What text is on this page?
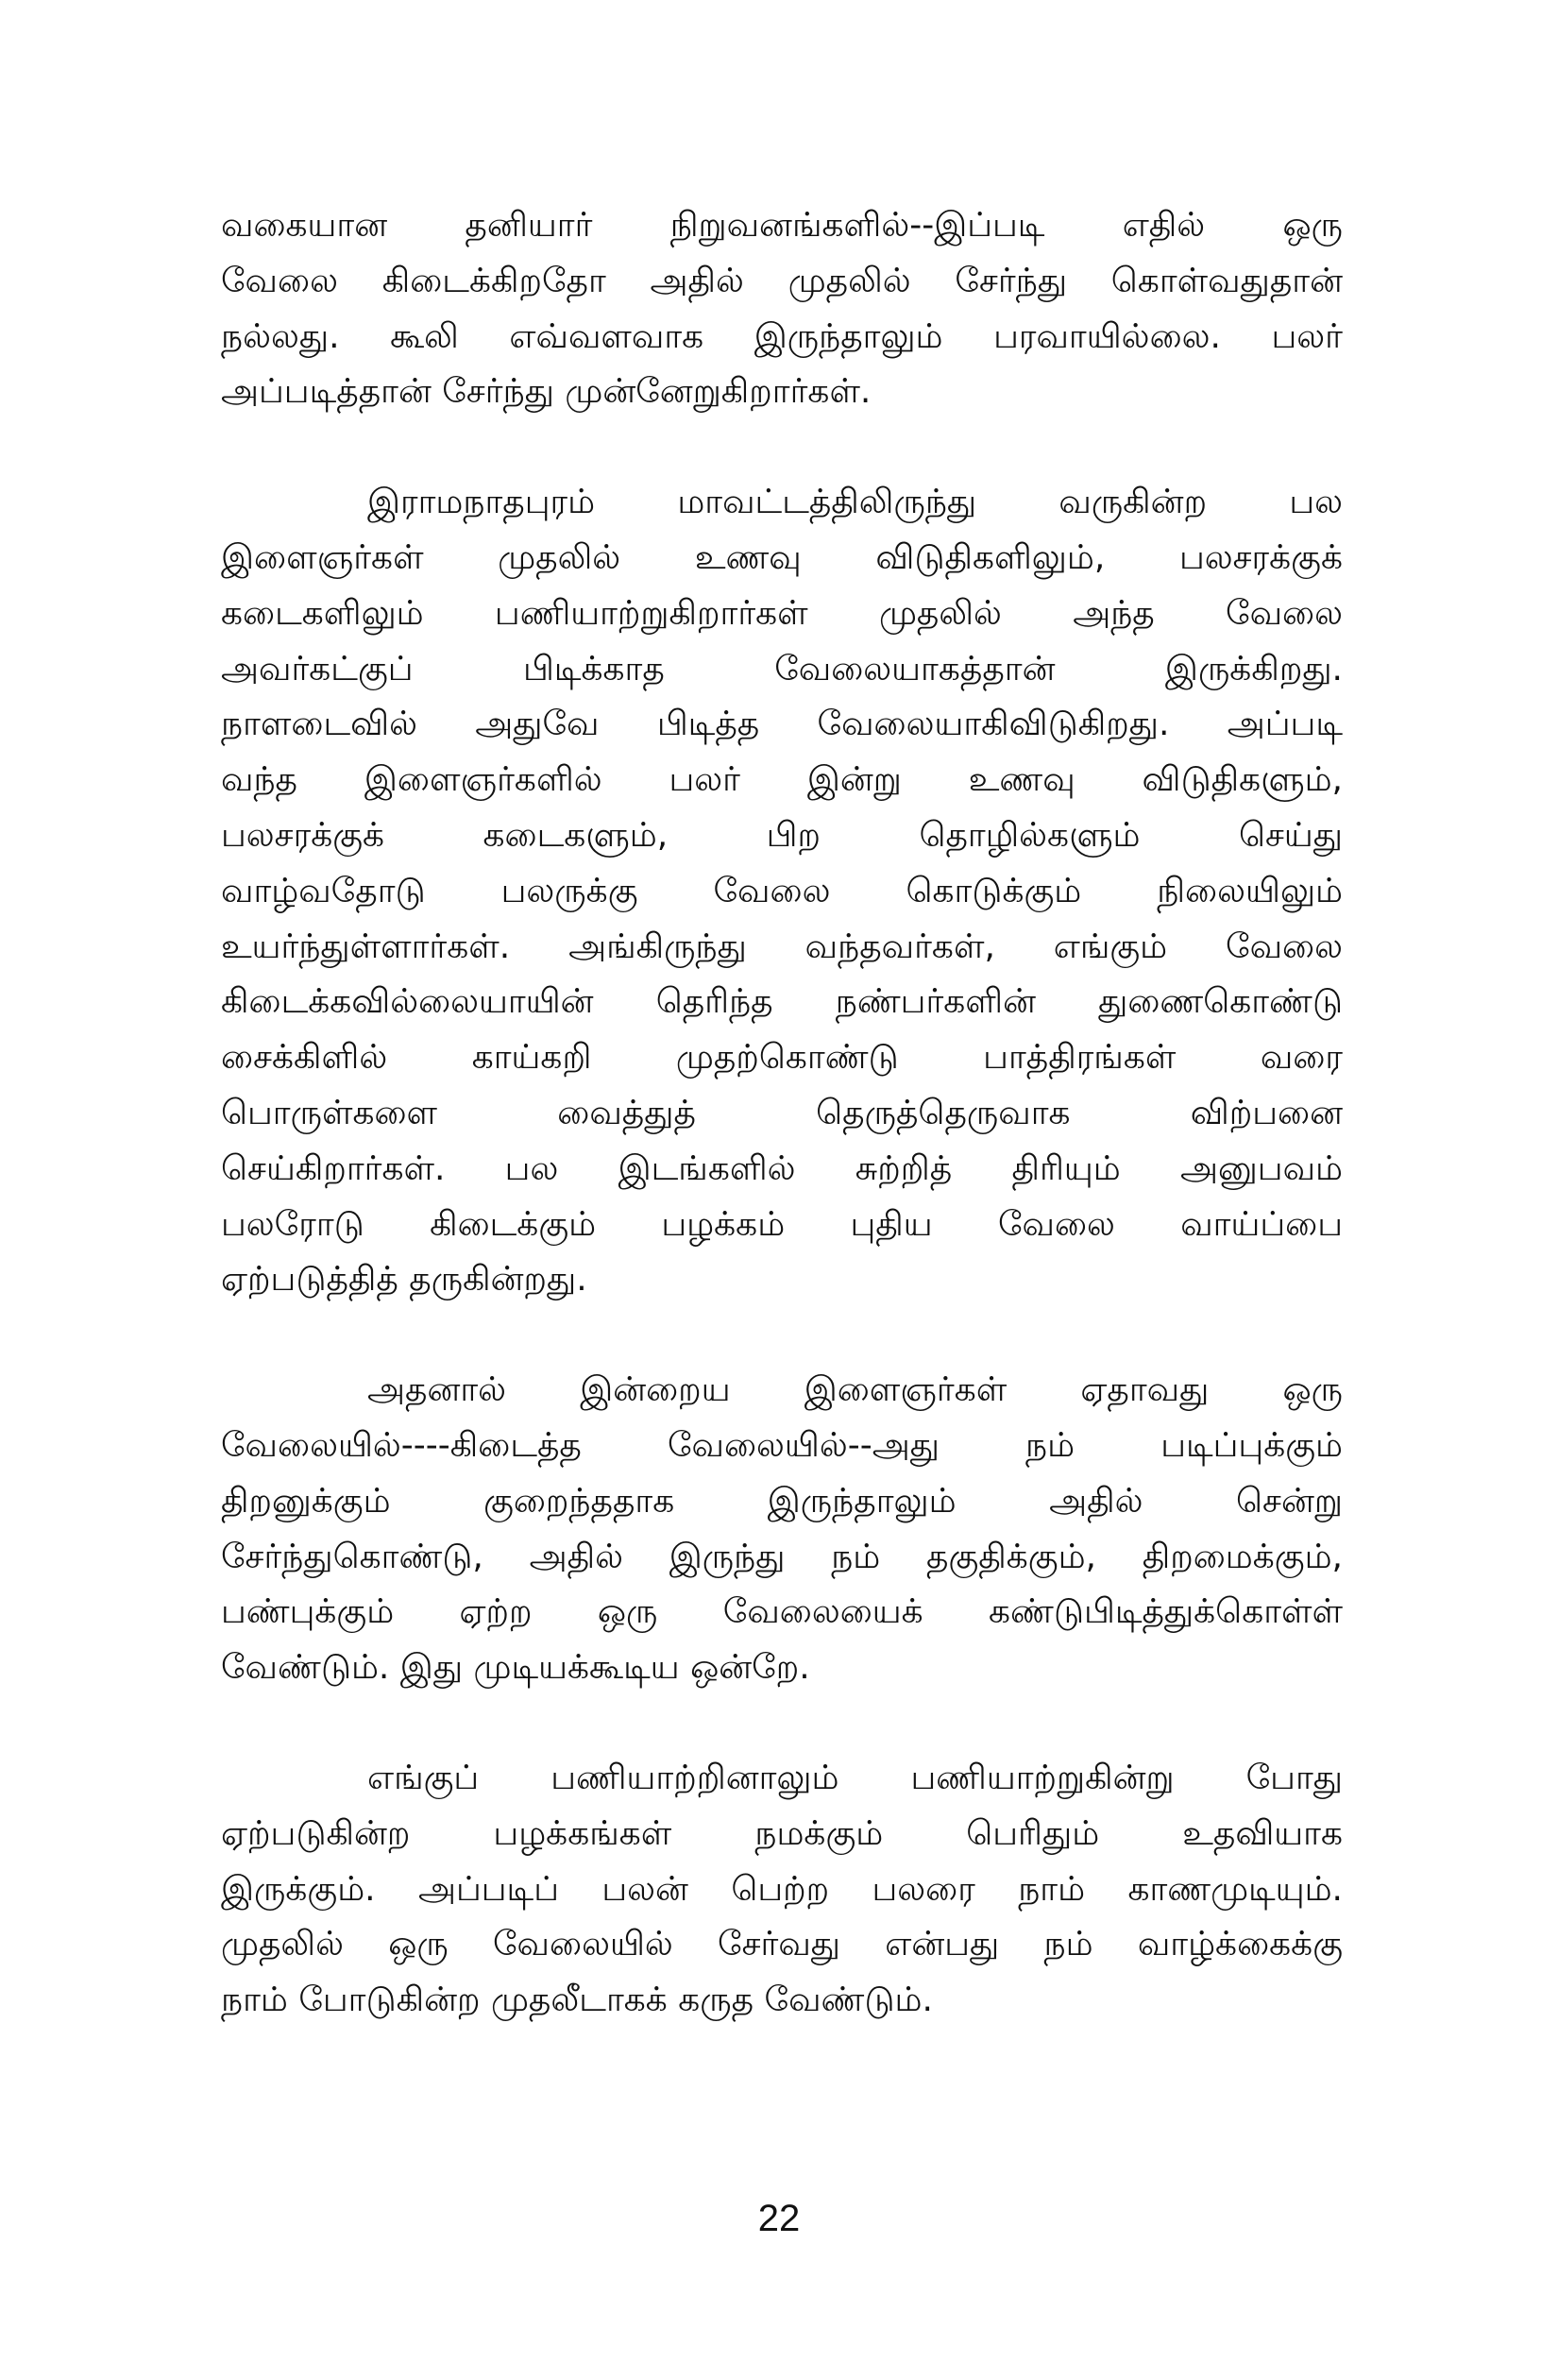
வகையான தனியார் நிறுவனங்களில்--இப்படி எதில் ஒரு
வேலை கிடைக்கிறதோ அதில் முதலில் சேர்ந்து கொள்வதுதான்
நல்லது. கூலி எவ்வளவாக இருந்தாலும் பரவாயில்லை. பலர்
அப்படித்தான் சேர்ந்து முன்னேறுகிறார்கள்.
இராமநாதபுரம் மாவட்டத்திலிருந்து வருகின்ற பல
இளைஞர்கள் முதலில் உணவு விடுதிகளிலும், பலசரக்குக்
கடைகளிலும் பணியாற்றுகிறார்கள் முதலில் அந்த வேலை
அவர்கட்குப் பிடிக்காத வேலையாகத்தான் இருக்கிறது.
நாளடைவில் அதுவே பிடித்த வேலையாகிவிடுகிறது. அப்படி
வந்த இளைஞர்களில் பலர் இன்று உணவு விடுதிகளும்,
பலசரக்குக் கடைகளும், பிற தொழில்களும் செய்து
வாழ்வதோடு பலருக்கு வேலை கொடுக்கும் நிலையிலும்
உயர்ந்துள்ளார்கள். அங்கிருந்து வந்தவர்கள், எங்கும் வேலை
கிடைக்கவில்லையாயின் தெரிந்த நண்பர்களின் துணைகொண்டு
சைக்கிளில் காய்கறி முதற்கொண்டு பாத்திரங்கள் வரை
பொருள்களை வைத்துத் தெருத்தெருவாக விற்பனை
செய்கிறார்கள். பல இடங்களில் சுற்றித் திரியும் அனுபவம்
பலரோடு கிடைக்கும் பழக்கம் புதிய வேலை வாய்ப்பை
ஏற்படுத்தித் தருகின்றது.
அதனால் இன்றைய இளைஞர்கள் ஏதாவது ஒரு
வேலையில்----கிடைத்த வேலையில்--அது நம் படிப்புக்கும்
திறனுக்கும் குறைந்ததாக இருந்தாலும் அதில் சென்று
சேர்ந்துகொண்டு, அதில் இருந்து நம் தகுதிக்கும், திறமைக்கும்,
பண்புக்கும் ஏற்ற ஒரு வேலையைக் கண்டுபிடித்துக்கொள்ள்
வேண்டும். இது முடியக்கூடிய ஒன்றே.
எங்குப் பணியாற்றினாலும் பணியாற்றுகின்று போது
ஏற்படுகின்ற பழக்கங்கள் நமக்கும் பெரிதும் உதவியாக
இருக்கும். அப்படிப் பலன் பெற்ற பலரை நாம் காணமுடியும்.
முதலில் ஒரு வேலையில் சேர்வது என்பது நம் வாழ்க்கைக்கு
நாம் போடுகின்ற முதலீடாகக் கருத வேண்டும்.
22
